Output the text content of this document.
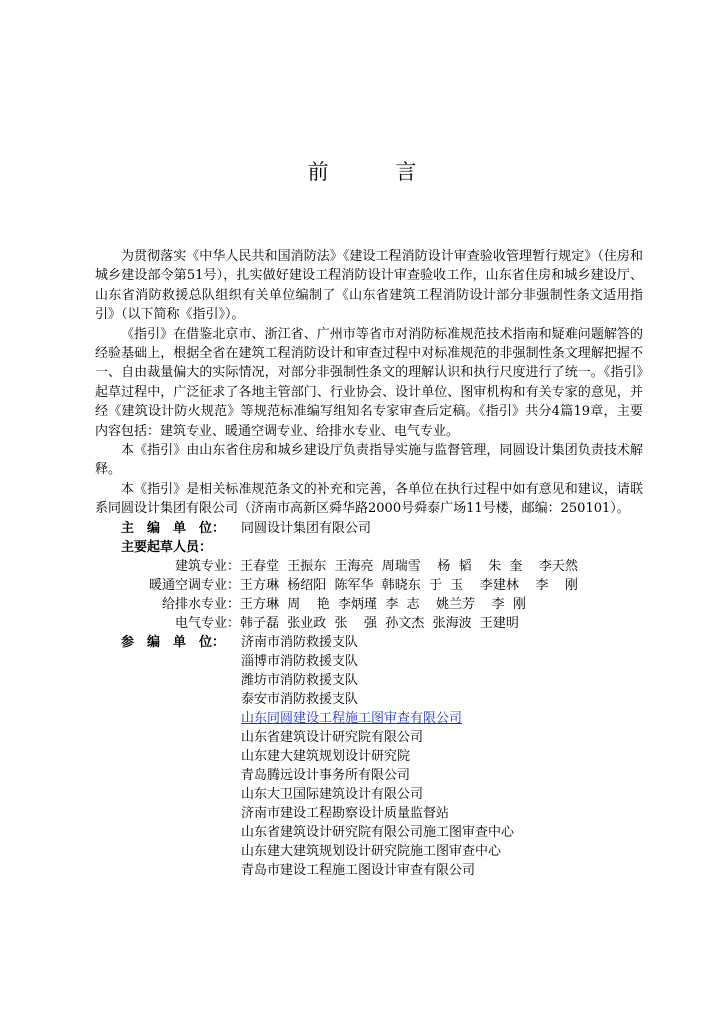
前 言

为贯彻落实《中华人民共和国消防法》《建设工程消防设计审查验收管理暂行规定》（住房和城乡建设部令第51号），扎实做好建设工程消防设计审查验收工作，山东省住房和城乡建设厅、山东省消防救援总队组织有关单位编制了《山东省建筑工程消防设计部分非强制性条文适用指引》（以下简称《指引》）。

《指引》在借鉴北京市、浙江省、广州市等省市对消防标准规范技术指南和疑难问题解答的经验基础上，根据全省在建筑工程消防设计和审查过程中对标准规范的非强制性条文理解把握不一、自由裁量偏大的实际情况，对部分非强制性条文的理解认识和执行尺度进行了统一。《指引》起草过程中，广泛征求了各地主管部门、行业协会、设计单位、图审机构和有关专家的意见，并经《建筑设计防火规范》等规范标准编写组知名专家审查后定稿。《指引》共分4篇19章，主要内容包括：建筑专业、暖通空调专业、给排水专业、电气专业。

本《指引》由山东省住房和城乡建设厅负责指导实施与监督管理，同圆设计集团负责技术解释。

本《指引》是相关标准规范条文的补充和完善，各单位在执行过程中如有意见和建议，请联系同圆设计集团有限公司（济南市高新区舜华路2000号舜泰广场11号楼，邮编：250101）。

主　编　单　位： 同圆设计集团有限公司
主要起草人员：
建筑专业：王春堂  王振东  王海亮  周瑞雪    杨  韬    朱  奎    李天然
暖通空调专业：王方琳  杨绍阳  陈军华  韩晓东  于  玉    李建林    李    刚
给排水专业：王方琳  周    艳  李炳瑾  李  志    姚兰芳    李  刚
电气专业：韩子磊  张业政  张    强  孙文杰  张海波  王建明
参　编　单　位： 济南市消防救援支队
淄博市消防救援支队
潍坊市消防救援支队
泰安市消防救援支队
山东同圆建设工程施工图审查有限公司
山东省建筑设计研究院有限公司
山东建大建筑规划设计研究院
青岛腾远设计事务所有限公司
山东大卫国际建筑设计有限公司
济南市建设工程勘察设计质量监督站
山东省建筑设计研究院有限公司施工图审查中心
山东建大建筑规划设计研究院施工图审查中心
青岛市建设工程施工图设计审查有限公司
